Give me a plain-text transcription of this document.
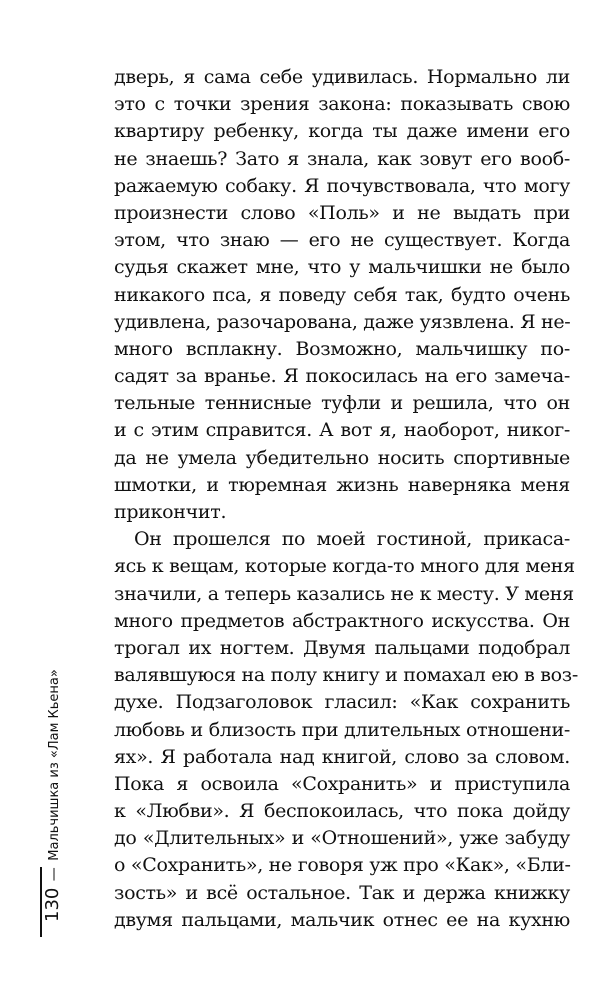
дверь, я сама себе удивилась. Нормально ли
это с точки зрения закона: показывать свою
квартиру ребенку, когда ты даже имени его
не знаешь? Зато я знала, как зовут его вооб-
ражаемую собаку. Я почувствовала, что могу
произнести слово «Поль» и не выдать при
этом, что знаю — его не существует. Когда
судья скажет мне, что у мальчишки не было
никакого пса, я поведу себя так, будто очень
удивлена, разочарована, даже уязвлена. Я не-
много всплакну. Возможно, мальчишку по-
садят за вранье. Я покосилась на его замеча-
тельные теннисные туфли и решила, что он
и с этим справится. А вот я, наоборот, никог-
да не умела убедительно носить спортивные
шмотки, и тюремная жизнь наверняка меня
прикончит.
Он прошелся по моей гостиной, прикаса-
ясь к вещам, которые когда-то много для меня
значили, а теперь казались не к месту. У меня
много предметов абстрактного искусства. Он
трогал их ногтем. Двумя пальцами подобрал
валявшуюся на полу книгу и помахал ею в воз-
духе. Подзаголовок гласил: «Как сохранить
любовь и близость при длительных отношени-
ях». Я работала над книгой, слово за словом.
Пока я освоила «Сохранить» и приступила
к «Любви». Я беспокоилась, что пока дойду
до «Длительных» и «Отношений», уже забуду
о «Сохранить», не говоря уж про «Как», «Бли-
зость» и всё остальное. Так и держа книжку
двумя пальцами, мальчик отнес ее на кухню
130 — Мальчишка из «Лам Кьена»
